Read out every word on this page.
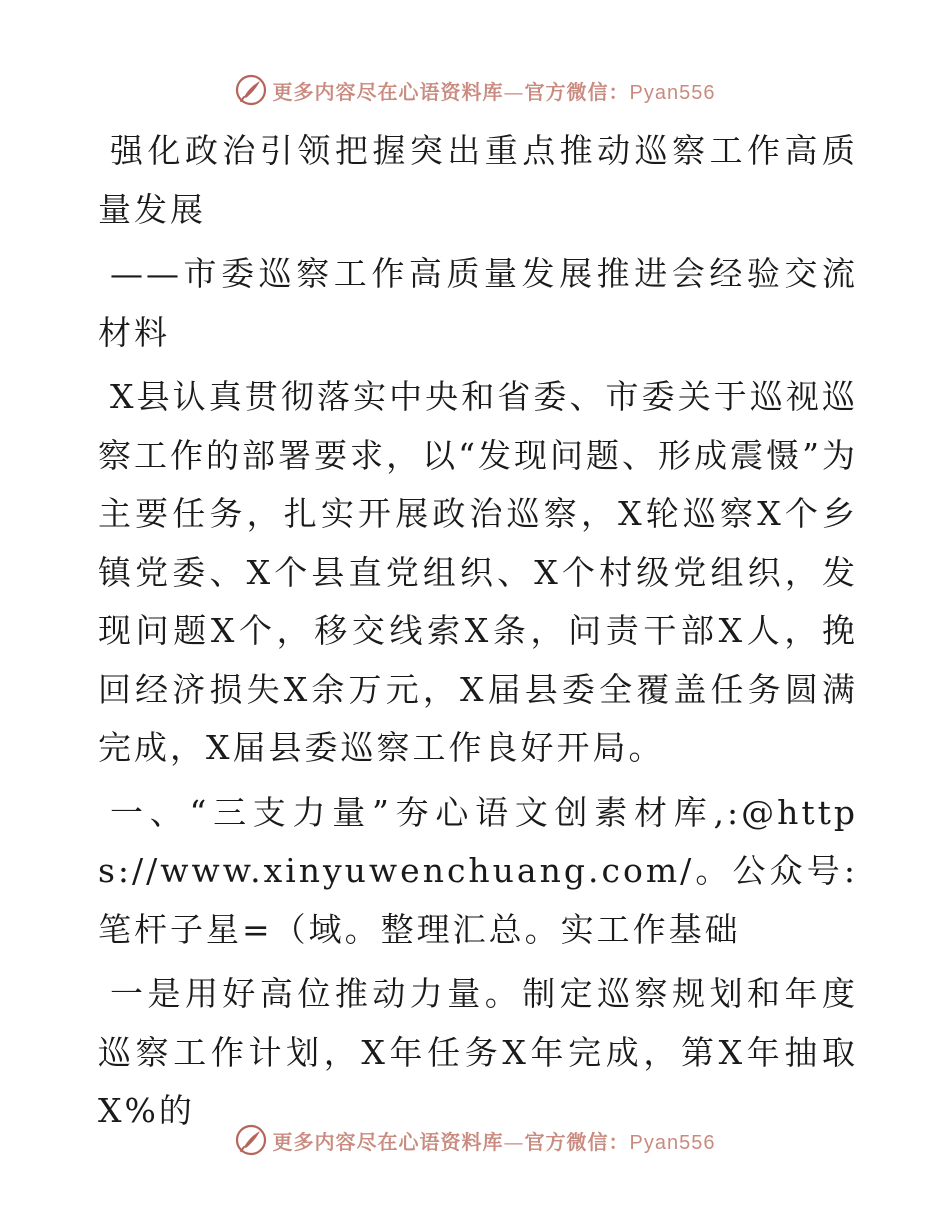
更多内容尽在心语资料库—官方微信：Pyan556

强化政治引领把握突出重点推动巡察工作高质量发展

——市委巡察工作高质量发展推进会经验交流材料

X县认真贯彻落实中央和省委、市委关于巡视巡察工作的部署要求，以“发现问题、形成震慑”为主要任务，扎实开展政治巡察，X轮巡察X个乡镇党委、X个县直党组织、X个村级党组织，发现问题X个，移交线索X条，问责干部X人，挽回经济损失X余万元，X届县委全覆盖任务圆满完成，X届县委巡察工作良好开局。

一、“三支力量”夯心语文创素材库,:@https://www.xinyuwenchuang.com/。公众号: 笔杆子星=（域。整理汇总。实工作基础

一是用好高位推动力量。制定巡察规划和年度巡察工作计划，X年任务X年完成，第X年抽取X%的

更多内容尽在心语资料库—官方微信：Pyan556
